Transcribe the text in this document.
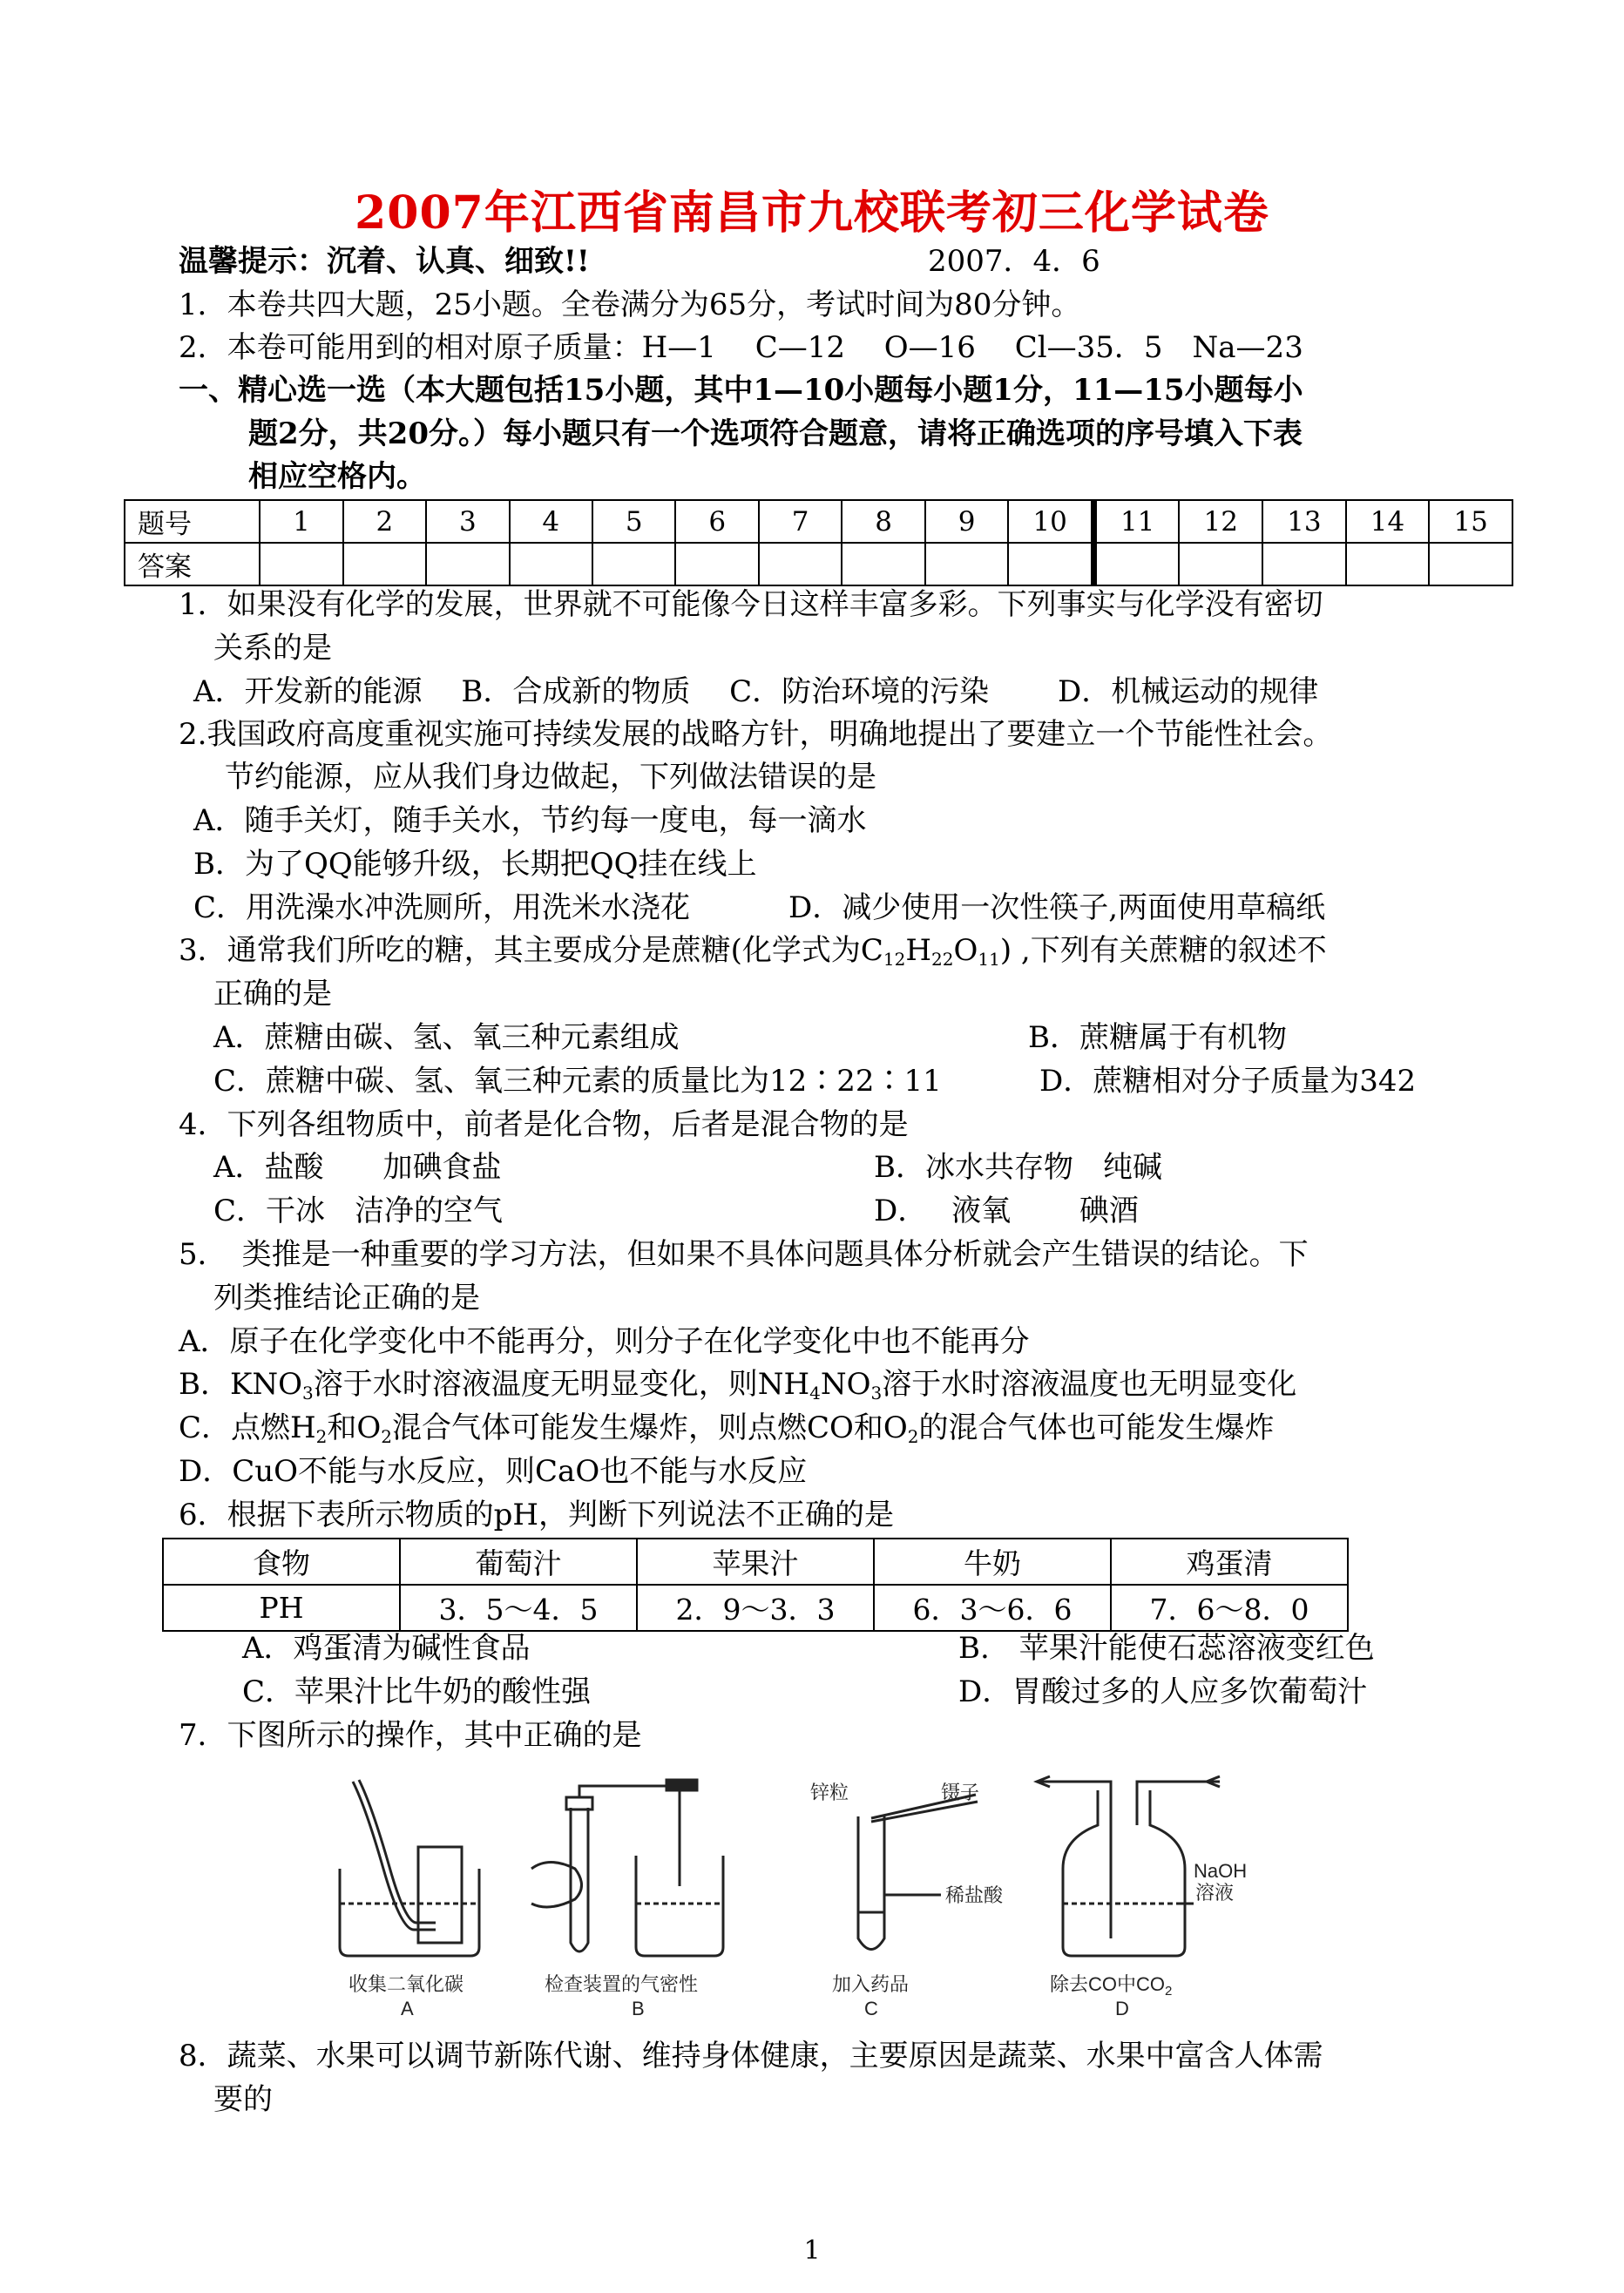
2007年江西省南昌市九校联考初三化学试卷
温馨提示：沉着、认真、细致!!	2007．4．6
1．本卷共四大题，25小题。全卷满分为65分，考试时间为80分钟。
2．本卷可能用到的相对原子质量：H—1　 C—12　 O—16　 Cl—35．5　Na—23
一、精心选一选（本大题包括15小题，其中1—10小题每小题1分，11—15小题每小
题2分，共20分。）每小题只有一个选项符合题意，请将正确选项的序号填入下表
相应空格内。
题号	1	2	3	4	5	6	7	8	9	10	11	12	13	14	15
答案															
1．如果没有化学的发展，世界就不可能像今日这样丰富多彩。下列事实与化学没有密切
关系的是
A．开发新的能源　 B．合成新的物质　 C．防治环境的污染　　 D．机械运动的规律
2.我国政府高度重视实施可持续发展的战略方针，明确地提出了要建立一个节能性社会。
节约能源，应从我们身边做起，下列做法错误的是
A．随手关灯，随手关水，节约每一度电，每一滴水
B．为了QQ能够升级，长期把QQ挂在线上
C．用洗澡水冲洗厕所，用洗米水浇花	D．减少使用一次性筷子,两面使用草稿纸
3．通常我们所吃的糖，其主要成分是蔗糖(化学式为$C_{12}H_{22}O_{11}$) ,下列有关蔗糖的叙述不
正确的是
A．蔗糖由碳、氢、氧三种元素组成	B．蔗糖属于有机物
C．蔗糖中碳、氢、氧三种元素的质量比为12∶22∶11	D．蔗糖相对分子质量为342
4．下列各组物质中，前者是化合物，后者是混合物的是
A．盐酸　　加碘食盐	B．冰水共存物　纯碱
C．干冰　洁净的空气	D．　 液氧　　 碘酒
5．　类推是一种重要的学习方法，但如果不具体问题具体分析就会产生错误的结论。下
列类推结论正确的是
A．原子在化学变化中不能再分，则分子在化学变化中也不能再分
B．$KNO_3$溶于水时溶液温度无明显变化，则$NH_4NO_3$溶于水时溶液温度也无明显变化
C．点燃$H_2$和$O_2$混合气体可能发生爆炸，则点燃CO和$O_2$的混合气体也可能发生爆炸
D．CuO不能与水反应，则CaO也不能与水反应
6．根据下表所示物质的pH，判断下列说法不正确的是
食物	葡萄汁	苹果汁	牛奶	鸡蛋清
PH	3．5～4．5	2．9～3．3	6．3～6．6	7．6～8．0
A．鸡蛋清为碱性食品	B.　苹果汁能使石蕊溶液变红色
C．苹果汁比牛奶的酸性强	D．胃酸过多的人应多饮葡萄汁
7．下图所示的操作，其中正确的是
收集二氧化碳
A
检查装置的气密性
B
锌粒	镊子
稀盐酸
加入药品
C
NaOH
溶液
除去CO中$CO_2$
D
8．蔬菜、水果可以调节新陈代谢、维持身体健康，主要原因是蔬菜、水果中富含人体需
要的
1
